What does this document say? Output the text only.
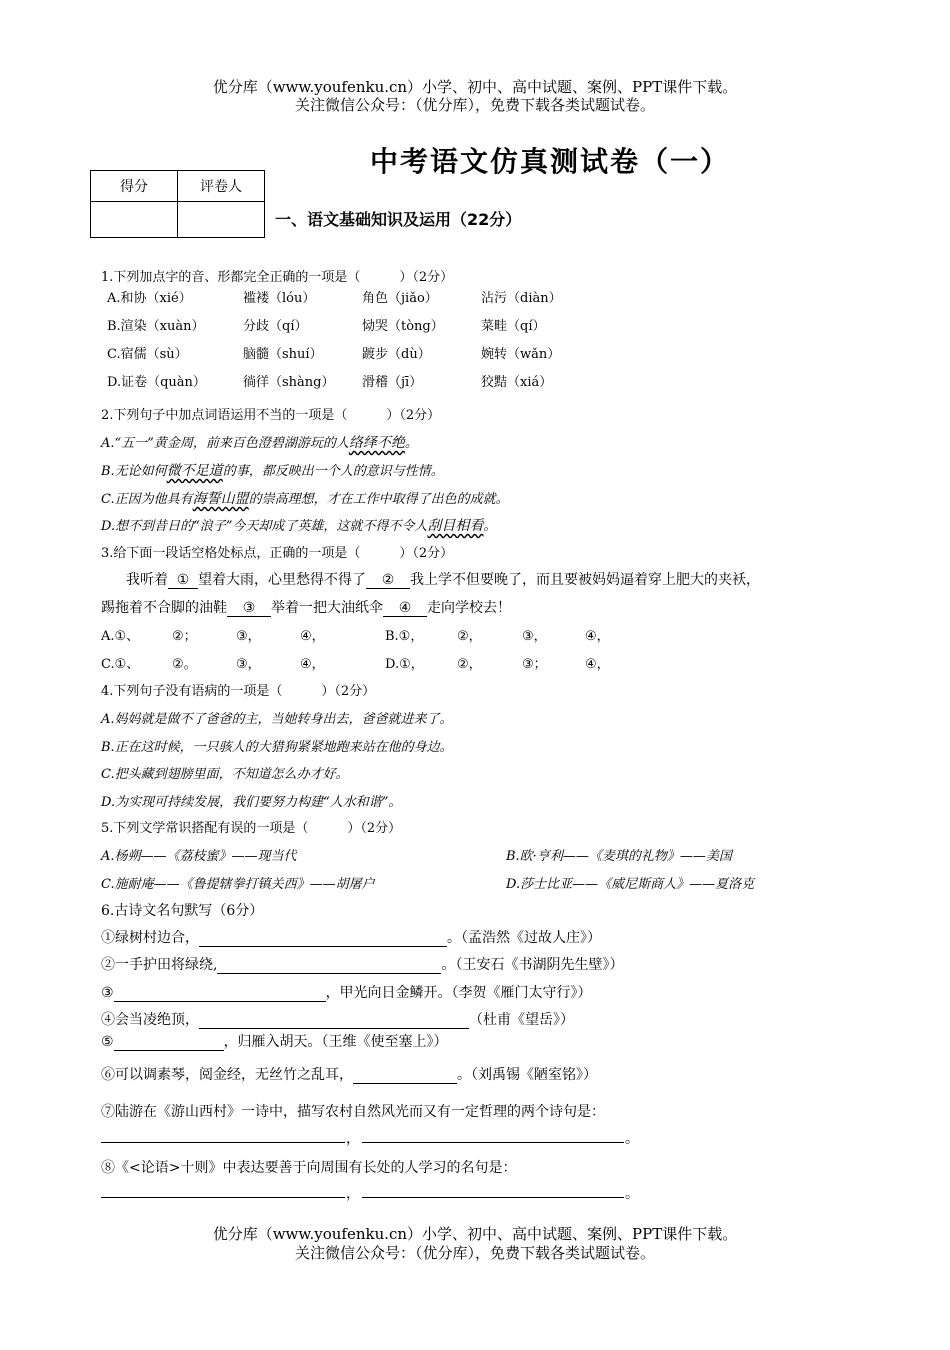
优分库（www.youfenku.cn）小学、初中、高中试题、案例、PPT课件下载。
关注微信公众号：（优分库），免费下载各类试题试卷。
中考语文仿真测试卷（一）
得分	评卷人

一、语文基础知识及运用（22分）
1.下列加点字的音、形都完全正确的一项是（　　　）（2分）
A.和协（xié）	褴褛（lóu）	角色（jiǎo）	沾污（diàn）
B.渲染（xuàn）	分歧（qí）	恸哭（tòng）	菜畦（qí）
C.宿儒（sù）	脑髓（shuí）	踱步（dù）	婉转（wǎn）
D.证卷（quàn）	徜徉（shàng） 滑稽（jī）	狡黠（xiá）
2.下列句子中加点词语运用不当的一项是（　　　）（2分）
A.“五一”黄金周，前来百色澄碧湖游玩的人络绎不绝。
B.无论如何微不足道的事，都反映出一个人的意识与性情。
C.正因为他具有海誓山盟的崇高理想，才在工作中取得了出色的成就。
D.想不到昔日的“浪子”今天却成了英雄，这就不得不令人刮目相看。
3.给下面一段话空格处标点，正确的一项是（　　　）（2分）
我听着 ① 望着大雨，心里愁得不得了 ② 我上学不但要晚了，而且要被妈妈逼着穿上肥大的夹袄，
踢拖着不合脚的油鞋 ③ 举着一把大油纸伞 ④ 走向学校去！
A.①、	②；	③，	④，	B.①，	②，	③，	④，
C.①、	②。	③，	④，	D.①，	②，	③；	④，
4.下列句子没有语病的一项是（　　　）（2分）
A.妈妈就是做不了爸爸的主，当她转身出去，爸爸就进来了。
B.正在这时候，一只骇人的大猎狗紧紧地跑来站在他的身边。
C.把头藏到翅膀里面，不知道怎么办才好。
D.为实现可持续发展，我们要努力构建“人水和谐”。
5.下列文学常识搭配有误的一项是（　　　）（2分）
A.杨朔——《荔枝蜜》——现当代	B.欧·亨利——《麦琪的礼物》——美国
C.施耐庵——《鲁提辖拳打镇关西》——胡屠户	D.莎士比亚——《威尼斯商人》——夏洛克
6.古诗文名句默写（6分）
①绿树村边合，	。（孟浩然《过故人庄》）
②一手护田将绿绕,	。（王安石《书湖阴先生壁》）
③	，甲光向日金鳞开。（李贺《雁门太守行》）
④会当凌绝顶，	（杜甫《望岳》）
⑤	，归雁入胡天。（王维《使至塞上》）
⑥可以调素琴，阅金经，无丝竹之乱耳，	。（刘禹锡《陋室铭》）
⑦陆游在《游山西村》一诗中，描写农村自然风光而又有一定哲理的两个诗句是：
，	。
⑧《<论语>十则》中表达要善于向周围有长处的人学习的名句是：
，	。
优分库（www.youfenku.cn）小学、初中、高中试题、案例、PPT课件下载。
关注微信公众号：（优分库），免费下载各类试题试卷。
